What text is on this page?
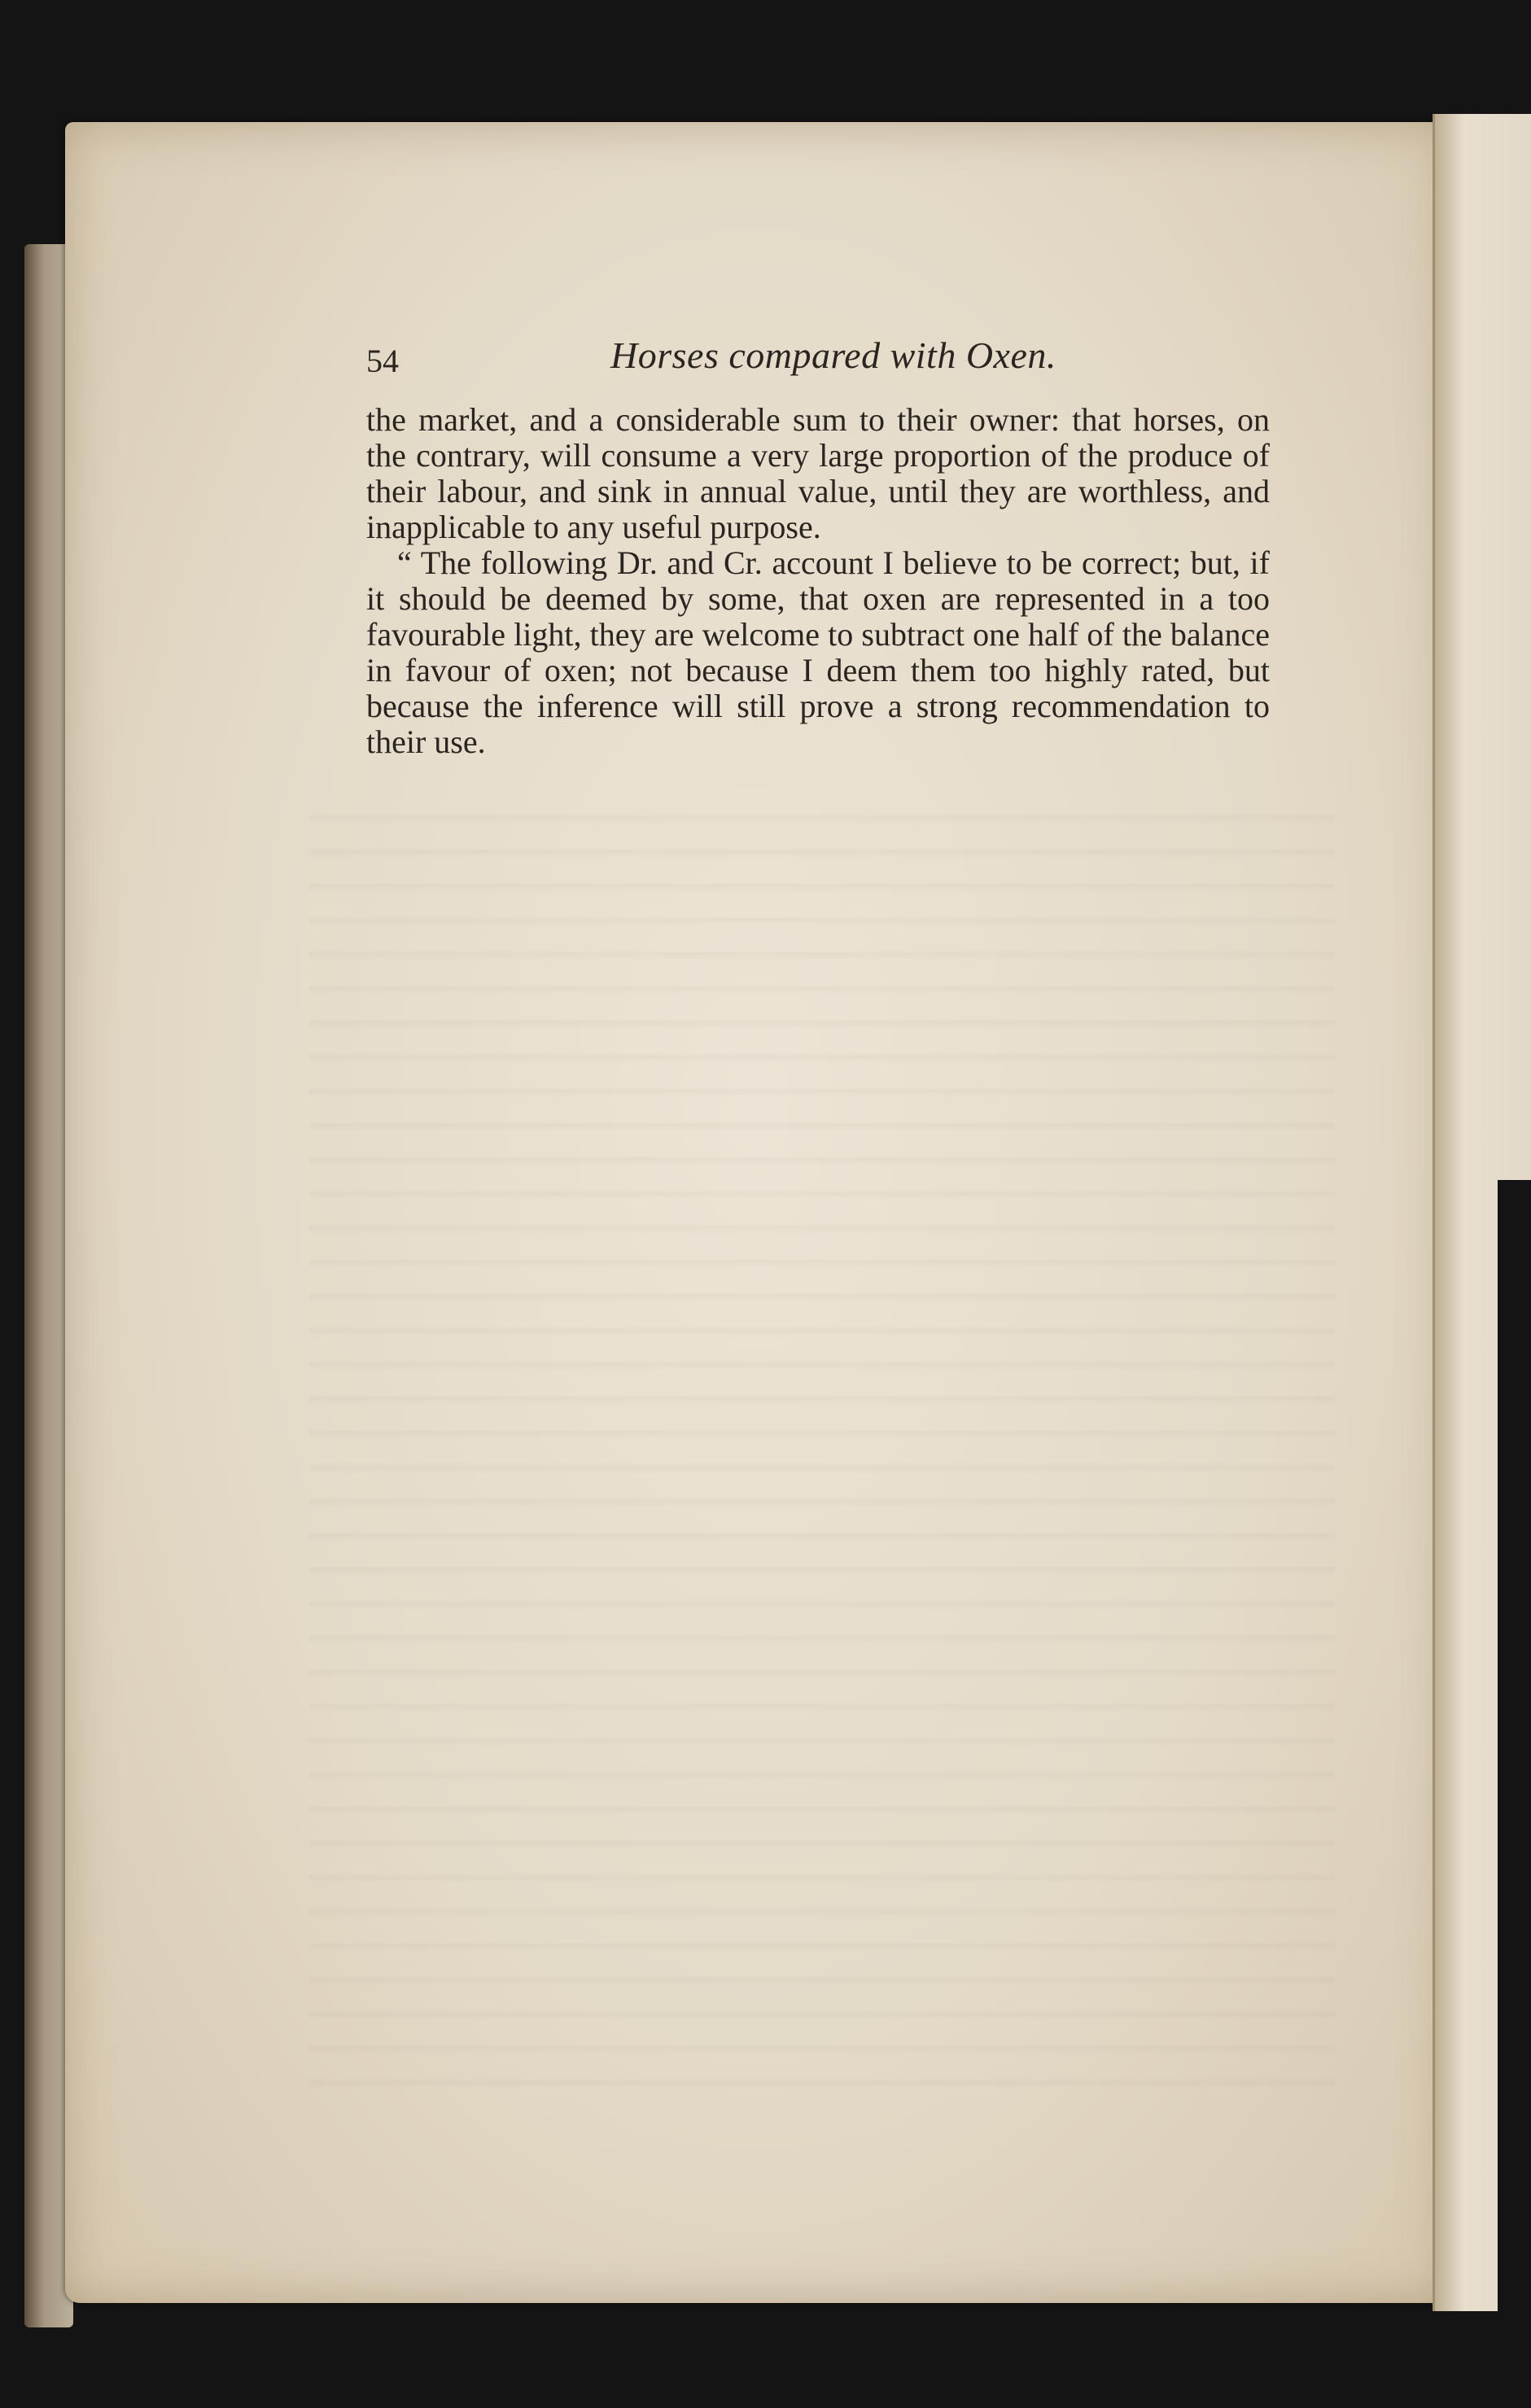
54	Horses compared with Oxen.

the market, and a considerable sum to their owner: that horses, on the contrary, will consume a very large proportion of the produce of their labour, and sink in annual value, until they are worthless, and inapplicable to any useful purpose.

“ The following Dr. and Cr. account I believe to be correct; but, if it should be deemed by some, that oxen are represented in a too favourable light, they are welcome to subtract one half of the balance in favour of oxen; not because I deem them too highly rated, but because the inference will still prove a strong recommendation to their use.
